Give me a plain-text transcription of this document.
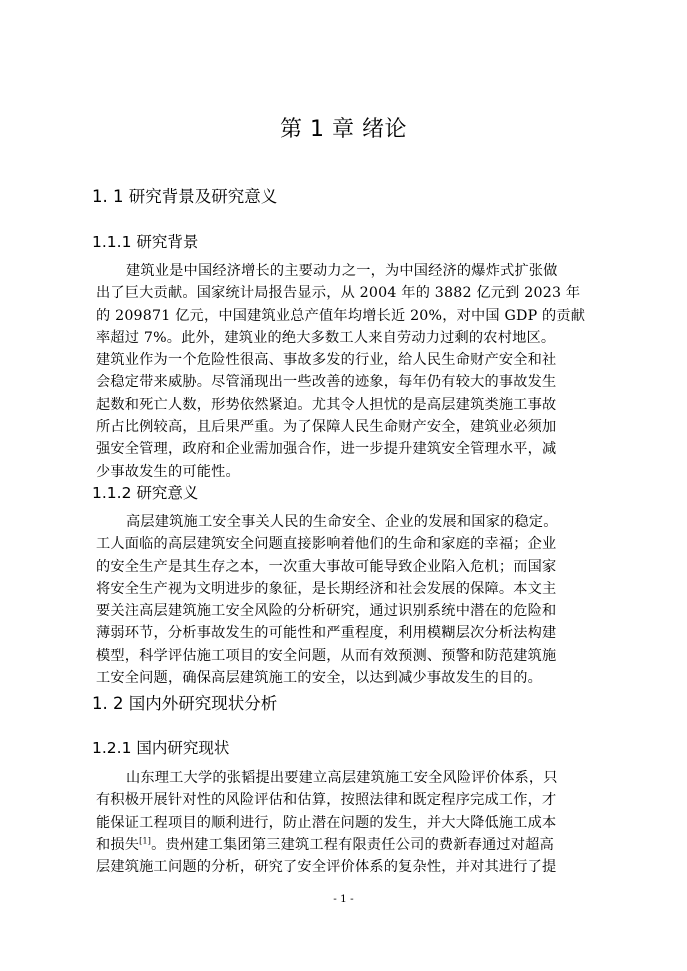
第 1 章 绪论
1. 1 研究背景及研究意义
1.1.1 研究背景
建筑业是中国经济增长的主要动力之一，为中国经济的爆炸式扩张做
出了巨大贡献。国家统计局报告显示，从 2004 年的 3882 亿元到 2023 年
的 209871 亿元，中国建筑业总产值年均增长近 20%，对中国 GDP 的贡献
率超过 7%。此外，建筑业的绝大多数工人来自劳动力过剩的农村地区。
建筑业作为一个危险性很高、事故多发的行业，给人民生命财产安全和社
会稳定带来威胁。尽管涌现出一些改善的迹象，每年仍有较大的事故发生
起数和死亡人数，形势依然紧迫。尤其令人担忧的是高层建筑类施工事故
所占比例较高，且后果严重。为了保障人民生命财产安全，建筑业必须加
强安全管理，政府和企业需加强合作，进一步提升建筑安全管理水平，减
少事故发生的可能性。
1.1.2 研究意义
高层建筑施工安全事关人民的生命安全、企业的发展和国家的稳定。
工人面临的高层建筑安全问题直接影响着他们的生命和家庭的幸福；企业
的安全生产是其生存之本，一次重大事故可能导致企业陷入危机；而国家
将安全生产视为文明进步的象征，是长期经济和社会发展的保障。本文主
要关注高层建筑施工安全风险的分析研究，通过识别系统中潜在的危险和
薄弱环节，分析事故发生的可能性和严重程度，利用模糊层次分析法构建
模型，科学评估施工项目的安全问题，从而有效预测、预警和防范建筑施
工安全问题，确保高层建筑施工的安全，以达到减少事故发生的目的。
1. 2 国内外研究现状分析
1.2.1 国内研究现状
山东理工大学的张韬提出要建立高层建筑施工安全风险评价体系，只
有积极开展针对性的风险评估和估算，按照法律和既定程序完成工作，才
能保证工程项目的顺利进行，防止潜在问题的发生，并大大降低施工成本
和损失[1]。贵州建工集团第三建筑工程有限责任公司的费新春通过对超高
层建筑施工问题的分析，研究了安全评价体系的复杂性，并对其进行了提
- 1 -
